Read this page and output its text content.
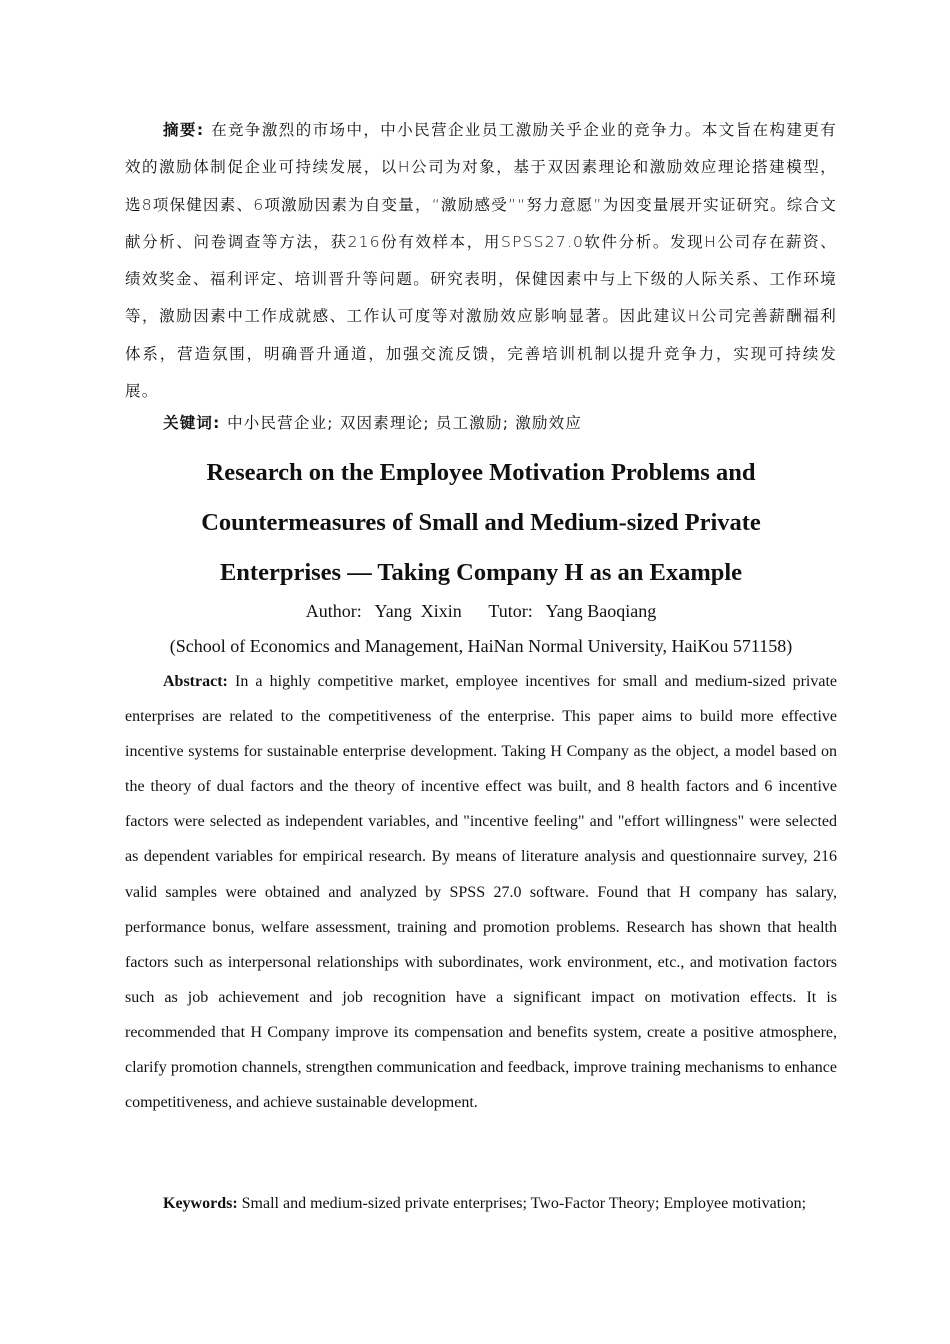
摘要: 在竞争激烈的市场中，中小民营企业员工激励关乎企业的竞争力。本文旨在构建更有效的激励体制促企业可持续发展，以H公司为对象，基于双因素理论和激励效应理论搭建模型，选8项保健因素、6项激励因素为自变量，“激励感受”“努力意愿”为因变量展开实证研究。综合文献分析、问卷调查等方法，获216份有效样本，用SPSS27.0软件分析。发现H公司存在薪资、绩效奖金、福利评定、培训晋升等问题。研究表明，保健因素中与上下级的人际关系、工作环境等，激励因素中工作成就感、工作认可度等对激励效应影响显著。因此建议H公司完善薪酬福利体系，营造氛围，明确晋升通道，加强交流反馈，完善培训机制以提升竞争力，实现可持续发展。
关键词: 中小民营企业; 双因素理论; 员工激励; 激励效应
Research on the Employee Motivation Problems and
Countermeasures of Small and Medium-sized Private
Enterprises — Taking Company H as an Example
Author:   Yang  Xixin      Tutor:   Yang Baoqiang
(School of Economics and Management, HaiNan Normal University, HaiKou 571158)
Abstract: In a highly competitive market, employee incentives for small and medium-sized private enterprises are related to the competitiveness of the enterprise. This paper aims to build more effective incentive systems for sustainable enterprise development. Taking H Company as the object, a model based on the theory of dual factors and the theory of incentive effect was built, and 8 health factors and 6 incentive factors were selected as independent variables, and "incentive feeling" and "effort willingness" were selected as dependent variables for empirical research. By means of literature analysis and questionnaire survey, 216 valid samples were obtained and analyzed by SPSS 27.0 software. Found that H company has salary, performance bonus, welfare assessment, training and promotion problems. Research has shown that health factors such as interpersonal relationships with subordinates, work environment, etc., and motivation factors such as job achievement and job recognition have a significant impact on motivation effects. It is recommended that H Company improve its compensation and benefits system, create a positive atmosphere, clarify promotion channels, strengthen communication and feedback, improve training mechanisms to enhance competitiveness, and achieve sustainable development.
Keywords: Small and medium-sized private enterprises; Two-Factor Theory; Employee motivation;
